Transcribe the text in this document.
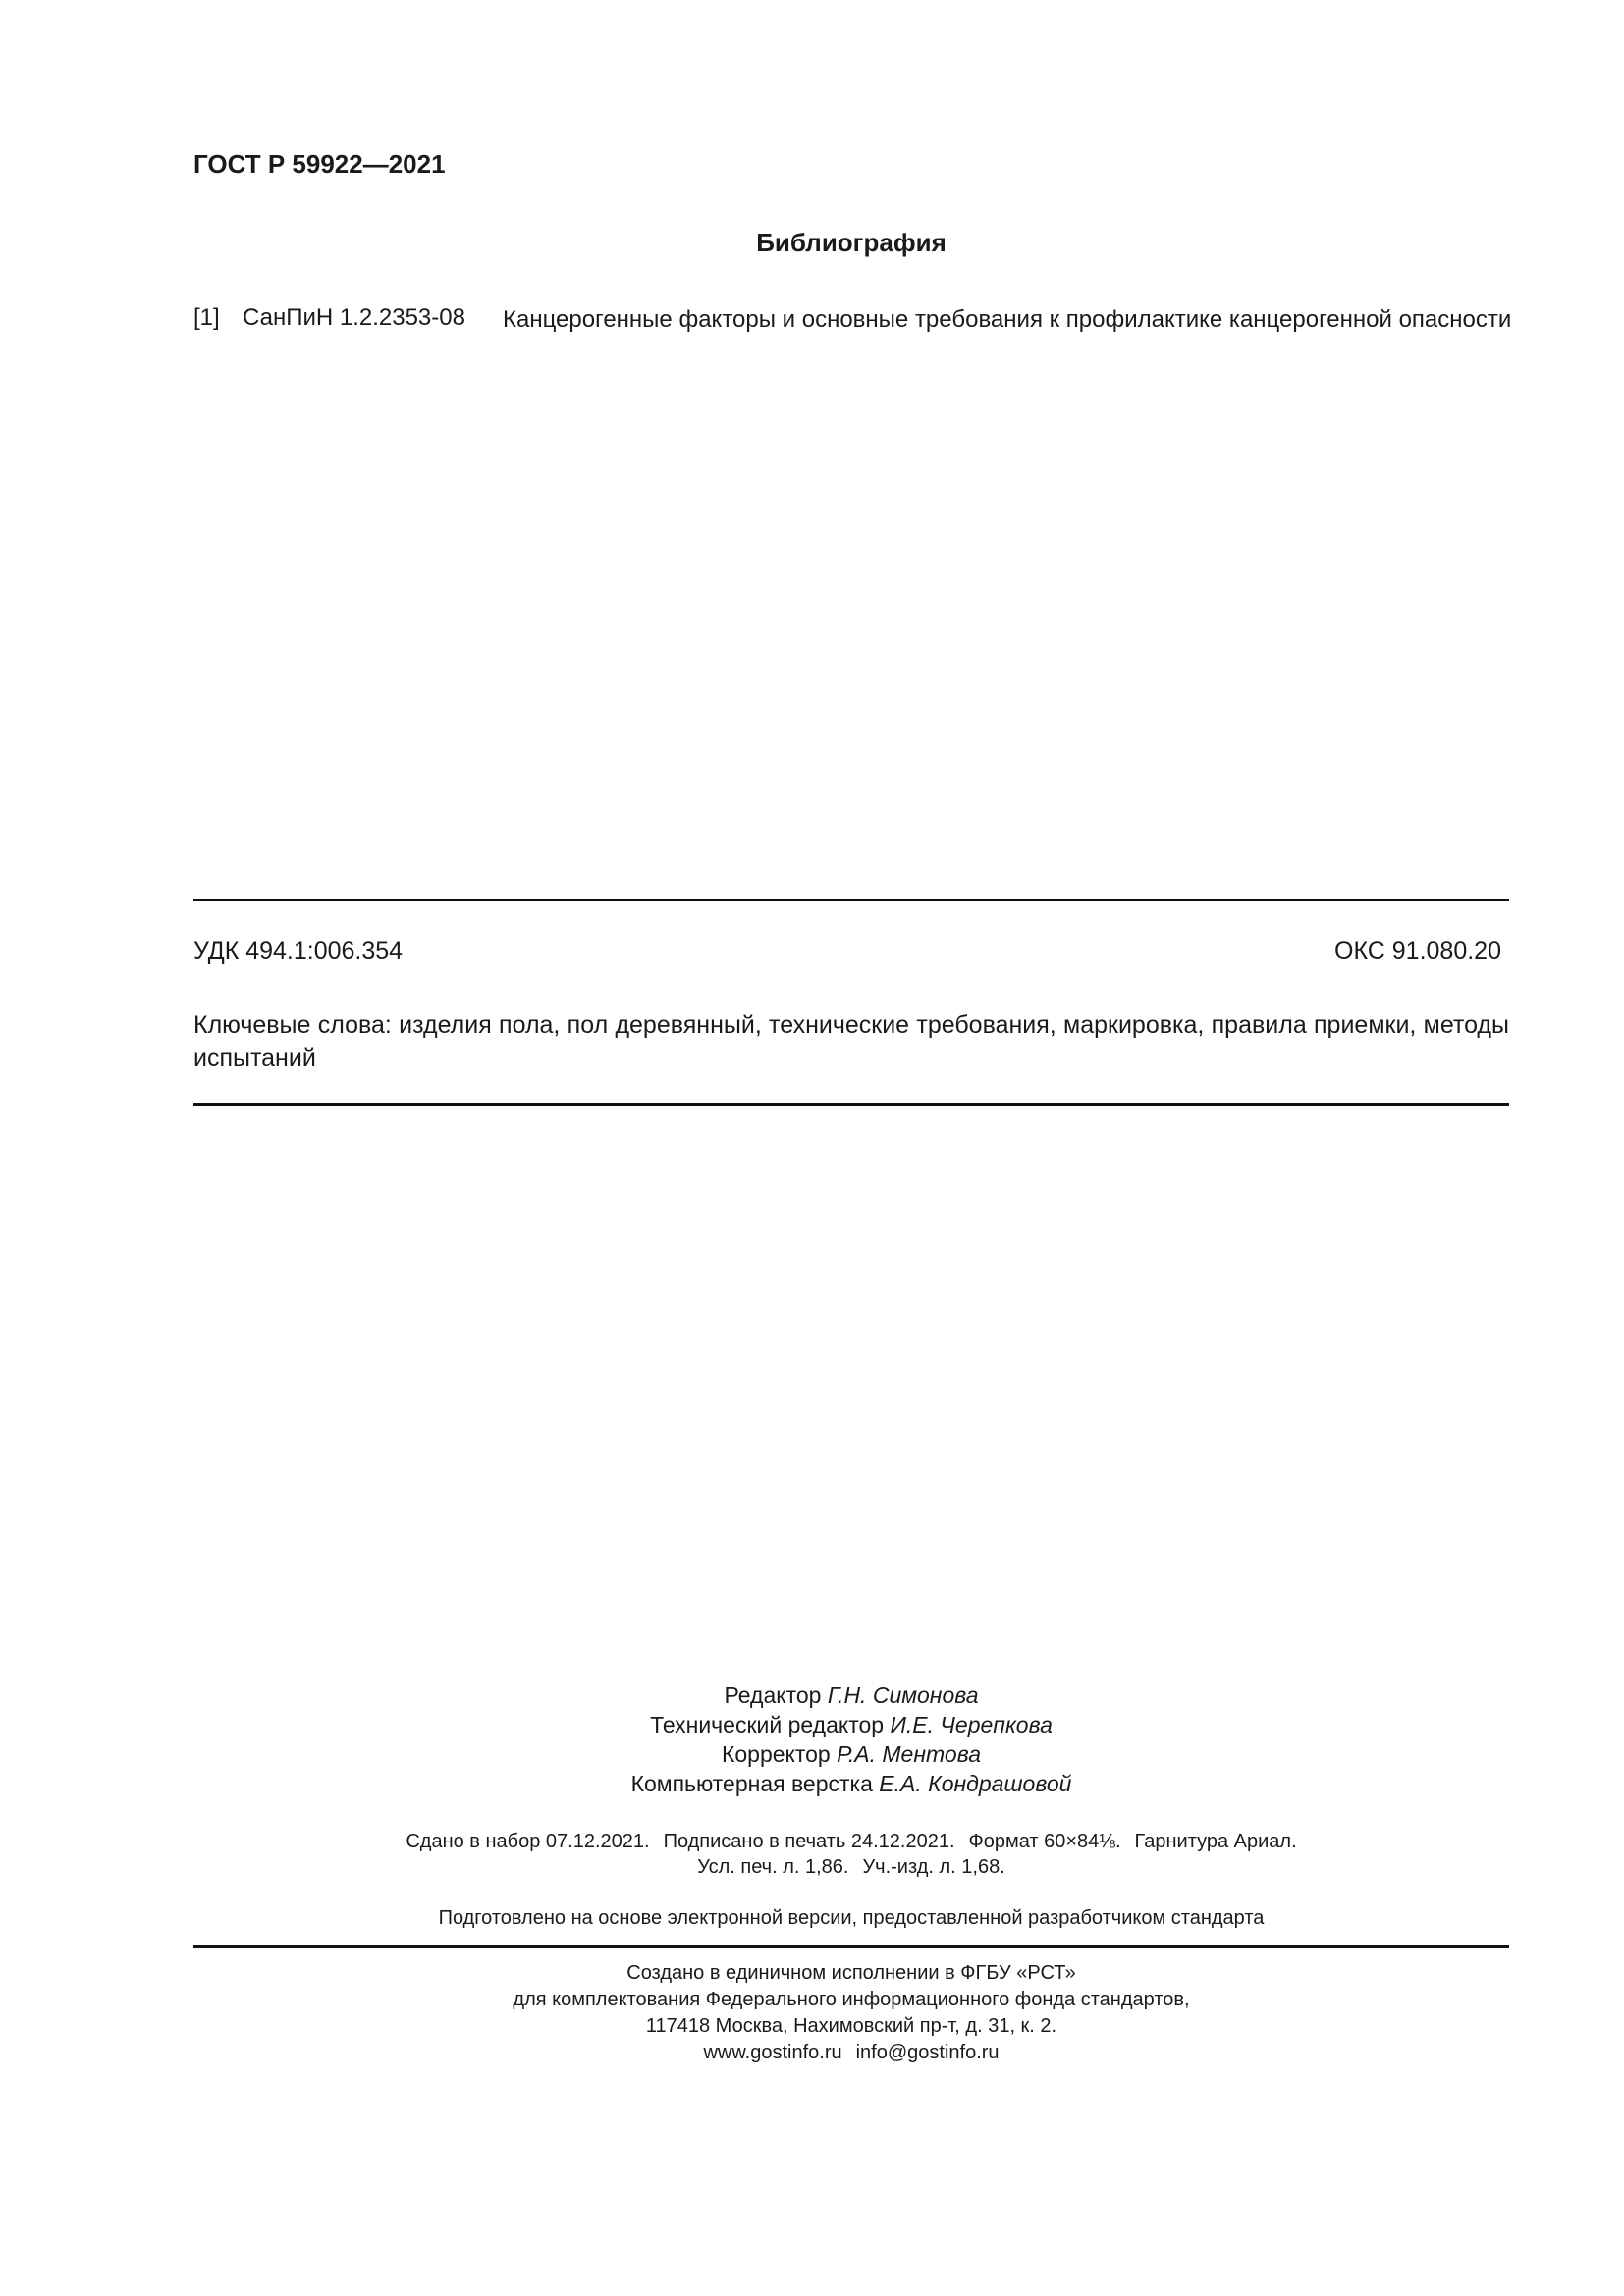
ГОСТ Р 59922—2021
Библиография
[1] СанПиН 1.2.2353-08 Канцерогенные факторы и основные требования к профилактике канцерогенной опасности
УДК 494.1:006.354	ОКС 91.080.20
Ключевые слова: изделия пола, пол деревянный, технические требования, маркировка, правила приемки, методы испытаний
Редактор Г.Н. Симонова
Технический редактор И.Е. Черепкова
Корректор Р.А. Ментова
Компьютерная верстка Е.А. Кондрашовой
Сдано в набор 07.12.2021. Подписано в печать 24.12.2021. Формат 60×84⅛. Гарнитура Ариал.
Усл. печ. л. 1,86. Уч.-изд. л. 1,68.
Подготовлено на основе электронной версии, предоставленной разработчиком стандарта
Создано в единичном исполнении в ФГБУ «РСТ»
для комплектования Федерального информационного фонда стандартов,
117418 Москва, Нахимовский пр-т, д. 31, к. 2.
www.gostinfo.ru info@gostinfo.ru
